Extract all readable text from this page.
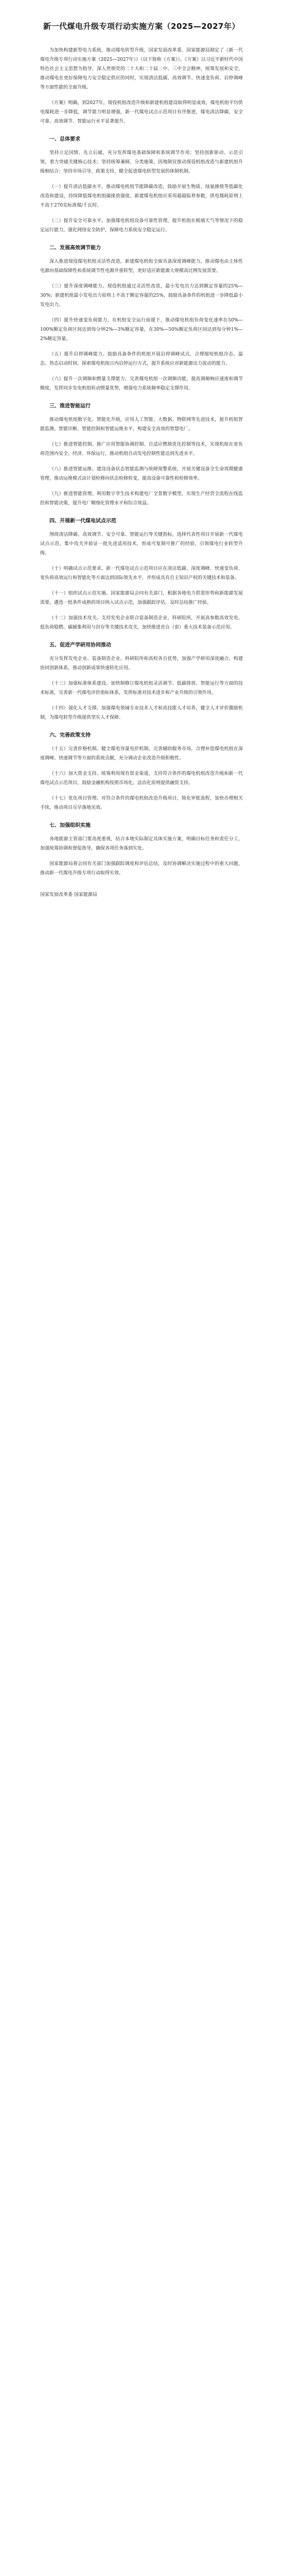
新一代煤电升级专项行动实施方案（2025—2027年）

为加快构建新型电力系统，推动煤电转型升级，国家发展改革委、国家能源局制定了《新一代煤电升级专项行动实施方案（2025—2027年）》（以下简称《方案》）。《方案》以习近平新时代中国特色社会主义思想为指导，深入贯彻党的二十大和二十届二中、三中全会精神，统筹发展和安全，推动煤电在更好保障电力安全稳定供应的同时，实现清洁低碳、高效调节、快速变负荷、启停调峰等方面性能的全面升级。

《方案》明确，到2027年，现役机组改造升级和新建机组建设取得明显成效，煤电机组平均供电煤耗进一步降低，调节能力明显增强，新一代煤电试点示范项目有序推进，煤电清洁降碳、安全可靠、高效调节、智能运行水平显著提升。

一、总体要求

坚持立足国情、先立后破，充分发挥煤电基础保障和系统调节作用；坚持创新驱动、示范引领，着力突破关键核心技术；坚持统筹兼顾、分类施策，因地制宜推动现役机组改造与新建机组升级相结合；坚持市场引导、政策支持，健全促进煤电转型发展的体制机制。

（一）提升清洁低碳水平。推动煤电机组节能降碳改造，鼓励开展生物质、绿氨掺烧等低碳化改造和建设，持续降低煤电机组碳排放强度。新建煤电机组应采用超超临界参数，供电煤耗原则上不高于270克标准煤/千瓦时。

（二）提升安全可靠水平。加强煤电机组设备可靠性管理，提升机组在极端天气等情况下的稳定运行能力，强化网络安全防护，保障电力系统安全稳定运行。

二、发展高效调节能力

深入推进现役煤电机组灵活性改造，新建煤电机组全面具备深度调峰能力，推动煤电由主体性电源向基础保障性和系统调节性电源并重转型，更好适应新能源大规模高比例发展需要。

（三）提升深度调峰能力。现役机组通过灵活性改造，最小发电出力达到额定容量的25%—30%；新建机组最小发电出力原则上不高于额定容量的25%，鼓励具备条件的机组进一步降低最小发电出力。

（四）提升快速变负荷能力。在机组安全运行前提下，推动煤电机组负荷变化速率在50%—100%额定负荷区间达到每分钟2%—3%额定容量，在30%—50%额定负荷区间达到每分钟1%—2%额定容量。

（五）提升启停调峰能力。鼓励具备条件的机组开展启停调峰试点，合理缩短机组冷态、温态、热态启动时间，探索煤电机组日内启停运行方式，提升系统应对新能源出力波动的能力。

（六）提升一次调频和惯量支撑能力。完善煤电机组一次调频功能，提高调频响应速度和调节精度，发挥同步发电机组转动惯量优势，增强电力系统频率稳定支撑作用。

三、推进智能运行

推动煤电机组数字化、智能化升级，应用人工智能、大数据、物联网等先进技术，提升机组智能监测、智能诊断、智能控制和智能运维水平，构建安全高效的智慧电厂。

（七）推进智能控制。推广应用智能协调控制、自适应燃烧优化控制等技术，实现机组在宽负荷范围内安全、经济、环保运行，推动机组自动发电控制性能达到先进水平。

（八）推进智能运维。建设设备状态智能监测与故障预警系统，开展关键设备全生命周期健康管理，推动运维模式由计划检修向状态检修转变，提高设备可靠性和检修效率。

（九）推进智能管理。利用数字孪生技术构建电厂全景数字模型，实现生产经营全流程在线监控和智能决策，提升电厂精细化管理水平和综合效益。

四、开展新一代煤电试点示范

围绕清洁降碳、高效调节、安全可靠、智能运行等关键指标，选择代表性项目开展新一代煤电试点示范，集中攻关并验证一批先进适用技术，形成可复制可推广的经验，引领煤电行业转型升级。

（十）明确试点示范要求。新一代煤电试点示范项目应在清洁低碳、深度调峰、快速变负荷、宽负荷高效运行和智能化等方面达到国际领先水平，并形成具有自主知识产权的关键技术和装备。

（十一）组织试点示范实施。国家能源局会同有关部门，根据各地电力供需形势和新能源发展需要，遴选一批条件成熟的项目纳入试点示范，加强跟踪评估，及时总结推广经验。

（十二）加强技术攻关。支持发电企业联合装备制造企业、科研院所，开展高参数高效发电、低负荷稳燃、碳捕集利用与封存等关键技术攻关，加快推进首台（套）重大技术装备示范应用。

五、促进产学研用协同推动

充分发挥发电企业、装备制造企业、科研院所和高校各自优势，加强产学研用深度融合，构建协同创新体系，推动创新成果快速转化应用。

（十三）加强标准体系建设。加快制修订煤电机组灵活调节、低碳排放、智能运行等方面的技术标准，完善新一代煤电评价指标体系，发挥标准对技术进步和产业升级的引领作用。

（十四）强化人才支撑。加强煤电领域专业技术人才和高技能人才培养，健全人才评价激励机制，为煤电转型升级提供坚实人才保障。

六、完善政策支持

（十五）完善价格机制。健全煤电容量电价机制，完善辅助服务市场，合理补偿煤电机组在深度调峰、快速调节等方面的系统贡献，充分调动企业改造升级积极性。

（十六）加大资金支持。统筹利用现有资金渠道，支持符合条件的煤电机组改造升级和新一代煤电试点示范项目，鼓励金融机构按照市场化、法治化原则提供融资支持。

（十七）优化项目管理。对符合条件的煤电机组改造升级项目，简化审批流程，加快办理相关手续，推动项目尽早落地见效。

七、加强组织实施

各地能源主管部门要高度重视，结合本地实际制定具体实施方案，明确目标任务和责任分工，加强统筹协调和督促指导，确保各项任务落到实处。

国家能源局将会同有关部门加强跟踪调度和评估总结，及时协调解决实施过程中的重大问题，推动新一代煤电升级专项行动取得实效。

国家发展改革委 国家能源局
